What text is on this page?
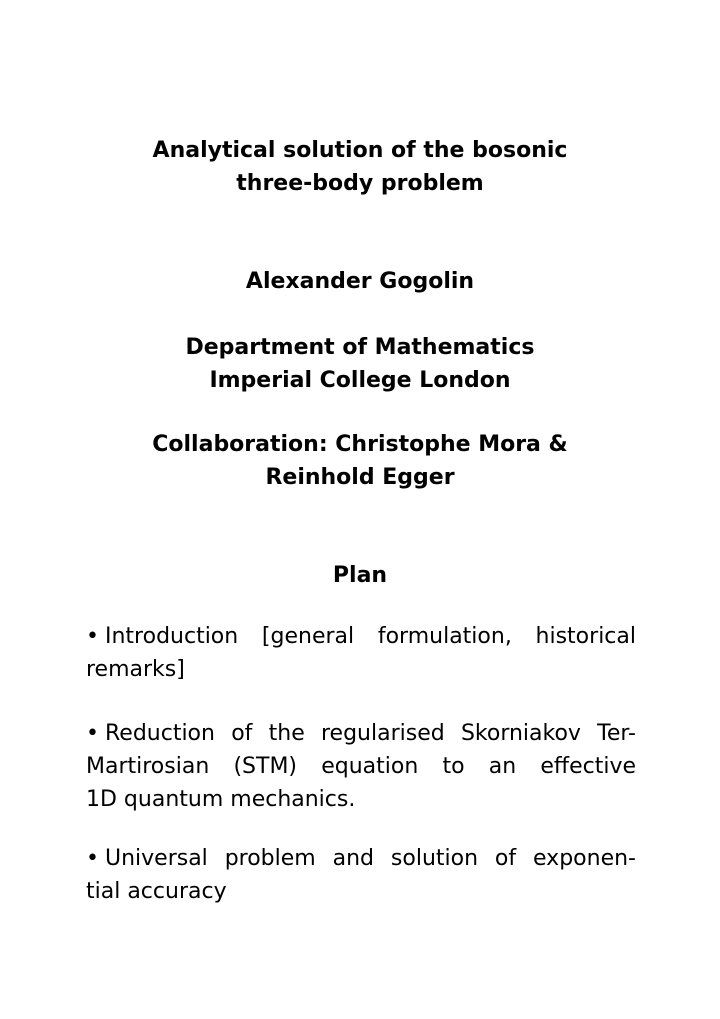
Analytical solution of the bosonic
three-body problem
Alexander Gogolin
Department of Mathematics
Imperial College London
Collaboration: Christophe Mora &
Reinhold Egger
Plan
• Introduction [general formulation, historical
remarks]
• Reduction of the regularised Skorniakov Ter-
Martirosian (STM) equation to an effective
1D quantum mechanics.
• Universal problem and solution of exponen-
tial accuracy
